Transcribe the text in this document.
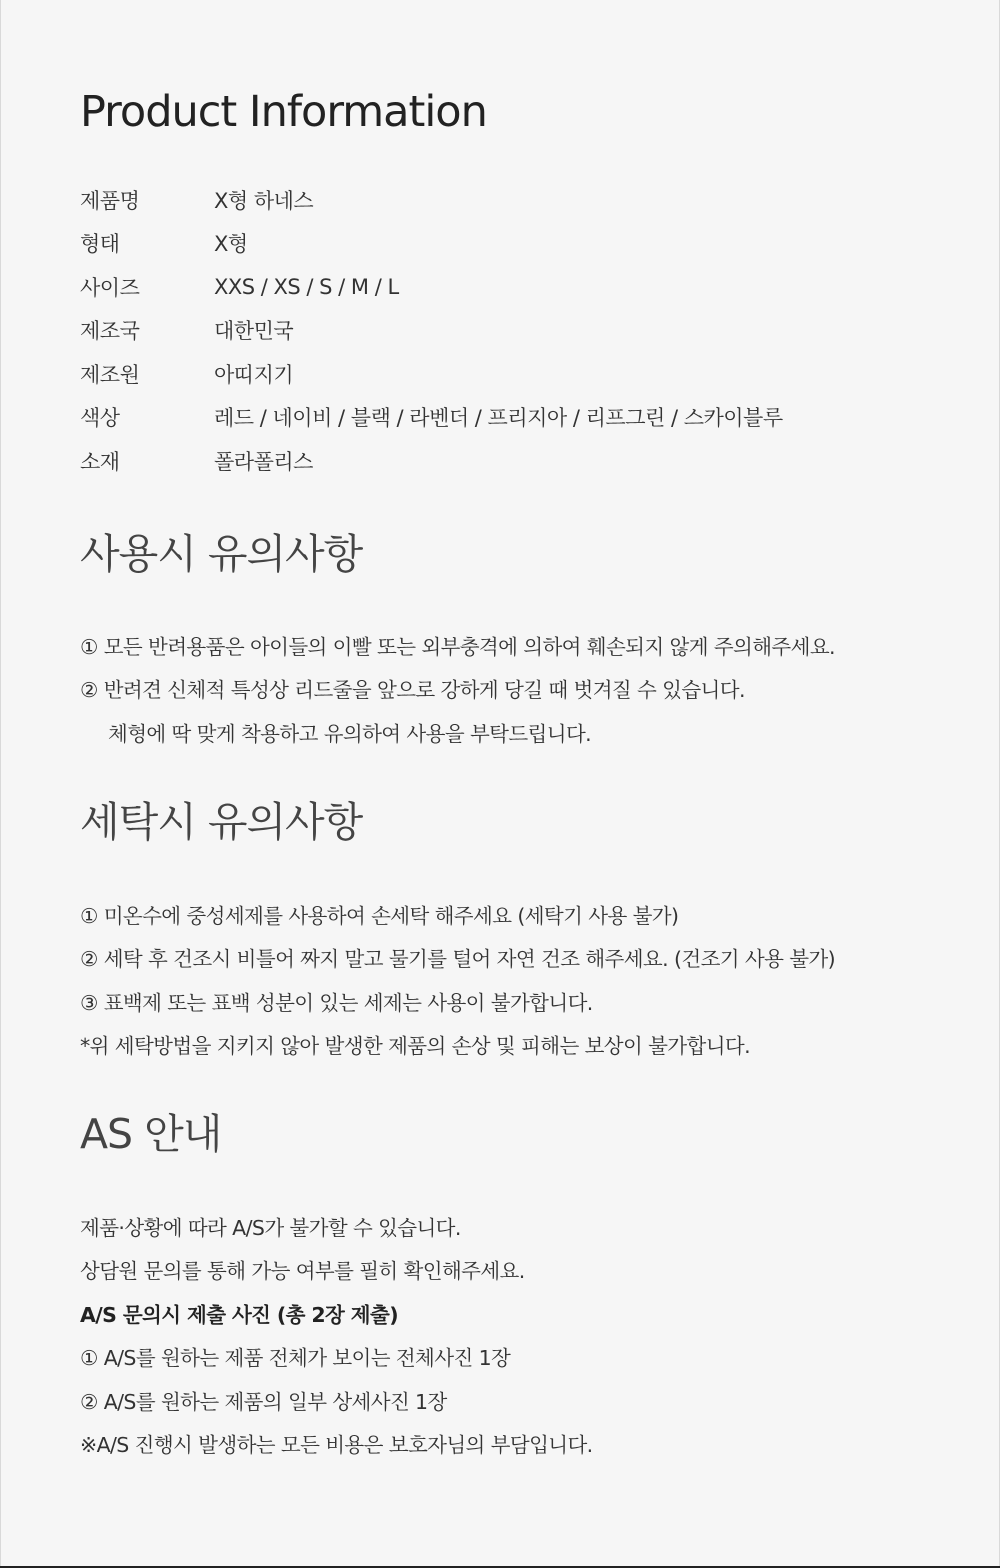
Product Information
제품명	X형 하네스
형태	X형
사이즈	XXS / XS / S / M / L
제조국	대한민국
제조원	아띠지기
색상	레드 / 네이비 / 블랙 / 라벤더 / 프리지아 / 리프그린 / 스카이블루
소재	폴라폴리스
사용시 유의사항
① 모든 반려용품은 아이들의 이빨 또는 외부충격에 의하여 훼손되지 않게 주의해주세요.
② 반려견 신체적 특성상 리드줄을 앞으로 강하게 당길 때 벗겨질 수 있습니다.
체형에 딱 맞게 착용하고 유의하여 사용을 부탁드립니다.
세탁시 유의사항
① 미온수에 중성세제를 사용하여 손세탁 해주세요 (세탁기 사용 불가)
② 세탁 후 건조시 비틀어 짜지 말고 물기를 털어 자연 건조 해주세요. (건조기 사용 불가)
③ 표백제 또는 표백 성분이 있는 세제는 사용이 불가합니다.
*위 세탁방법을 지키지 않아 발생한 제품의 손상 및 피해는 보상이 불가합니다.
AS 안내
제품·상황에 따라 A/S가 불가할 수 있습니다.
상담원 문의를 통해 가능 여부를 필히 확인해주세요.
A/S 문의시 제출 사진 (총 2장 제출)
① A/S를 원하는 제품 전체가 보이는 전체사진 1장
② A/S를 원하는 제품의 일부 상세사진 1장
※A/S 진행시 발생하는 모든 비용은 보호자님의 부담입니다.
